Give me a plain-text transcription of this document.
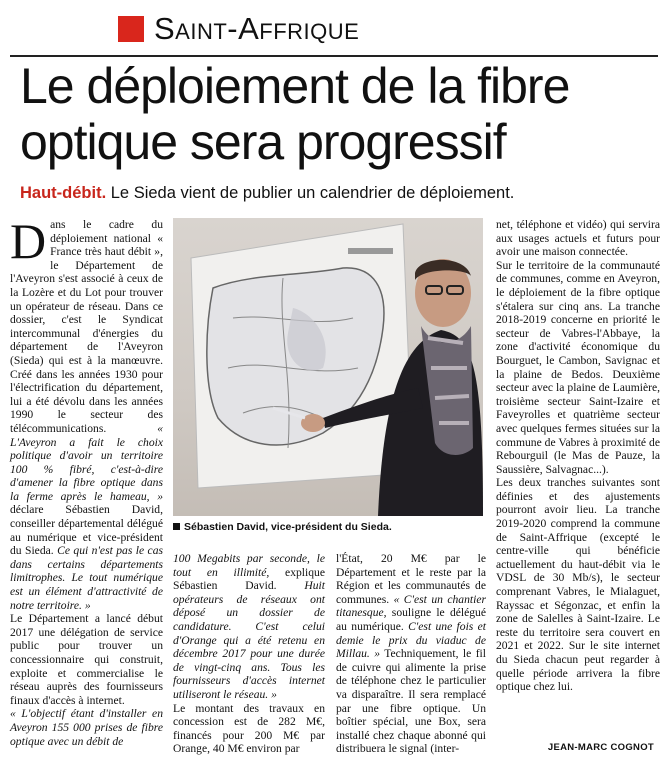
Saint-Affrique
Le déploiement de la fibre optique sera progressif
Haut-débit. Le Sieda vient de publier un calendrier de déploiement.

Dans le cadre du déploiement national « France très haut débit », le Département de l'Aveyron s'est associé à ceux de la Lozère et du Lot pour trouver un opérateur de réseau. Dans ce dossier, c'est le Syndicat intercommunal d'énergies du département de l'Aveyron (Sieda) qui est à la manœuvre. Créé dans les années 1930 pour l'électrification du département, lui a été dévolu dans les années 1990 le secteur des télécommunications. « L'Aveyron a fait le choix politique d'avoir un territoire 100 % fibré, c'est-à-dire d'amener la fibre optique dans la ferme après le hameau, » déclare Sébastien David, conseiller départemental délégué au numérique et vice-président du Sieda. Ce qui n'est pas le cas dans certains départements limitrophes. Le tout numérique est un élément d'attractivité de notre territoire. »

Le Département a lancé début 2017 une délégation de service public pour trouver un concessionnaire qui construit, exploite et commercialise le réseau auprès des fournisseurs finaux d'accès à internet.

« L'objectif étant d'installer en Aveyron 155 000 prises de fibre optique avec un débit de

Sébastien David, vice-président du Sieda.

100 Megabits par seconde, le tout en illimité, explique Sébastien David. Huit opérateurs de réseaux ont déposé un dossier de candidature. C'est celui d'Orange qui a été retenu en décembre 2017 pour une durée de vingt-cinq ans. Tous les fournisseurs d'accès internet utiliseront le réseau. »

Le montant des travaux en concession est de 282 M€, financés pour 200 M€ par Orange, 40 M€ environ par

l'État, 20 M€ par le Département et le reste par la Région et les communautés de communes. « C'est un chantier titanesque, souligne le délégué au numérique. C'est une fois et demie le prix du viaduc de Millau. » Techniquement, le fil de cuivre qui alimente la prise de téléphone chez le particulier va disparaître. Il sera remplacé par une fibre optique. Un boîtier spécial, une Box, sera installé chez chaque abonné qui distribuera le signal (inter-

net, téléphone et vidéo) qui servira aux usages actuels et futurs pour avoir une maison connectée.

Sur le territoire de la communauté de communes, comme en Aveyron, le déploiement de la fibre optique s'étalera sur cinq ans. La tranche 2018-2019 concerne en priorité le secteur de Vabres-l'Abbaye, la zone d'activité économique du Bourguet, le Cambon, Savignac et la plaine de Bedos. Deuxième secteur avec la plaine de Laumière, troisième secteur Saint-Izaire et Faveyrolles et quatrième secteur avec quelques fermes situées sur la commune de Vabres à proximité de Rebourguil (le Mas de Pauze, la Saussière, Salvagnac...).

Les deux tranches suivantes sont définies et des ajustements pourront avoir lieu. La tranche 2019-2020 comprend la commune de Saint-Affrique (excepté le centre-ville qui bénéficie actuellement du haut-débit via le VDSL de 30 Mb/s), le secteur comprenant Vabres, le Mialaguet, Rayssac et Ségonzac, et enfin la zone de Salelles à Saint-Izaire. Le reste du territoire sera couvert en 2021 et 2022. Sur le site internet du Sieda chacun peut regarder à quelle période arrivera la fibre optique chez lui.

JEAN-MARC COGNOT
